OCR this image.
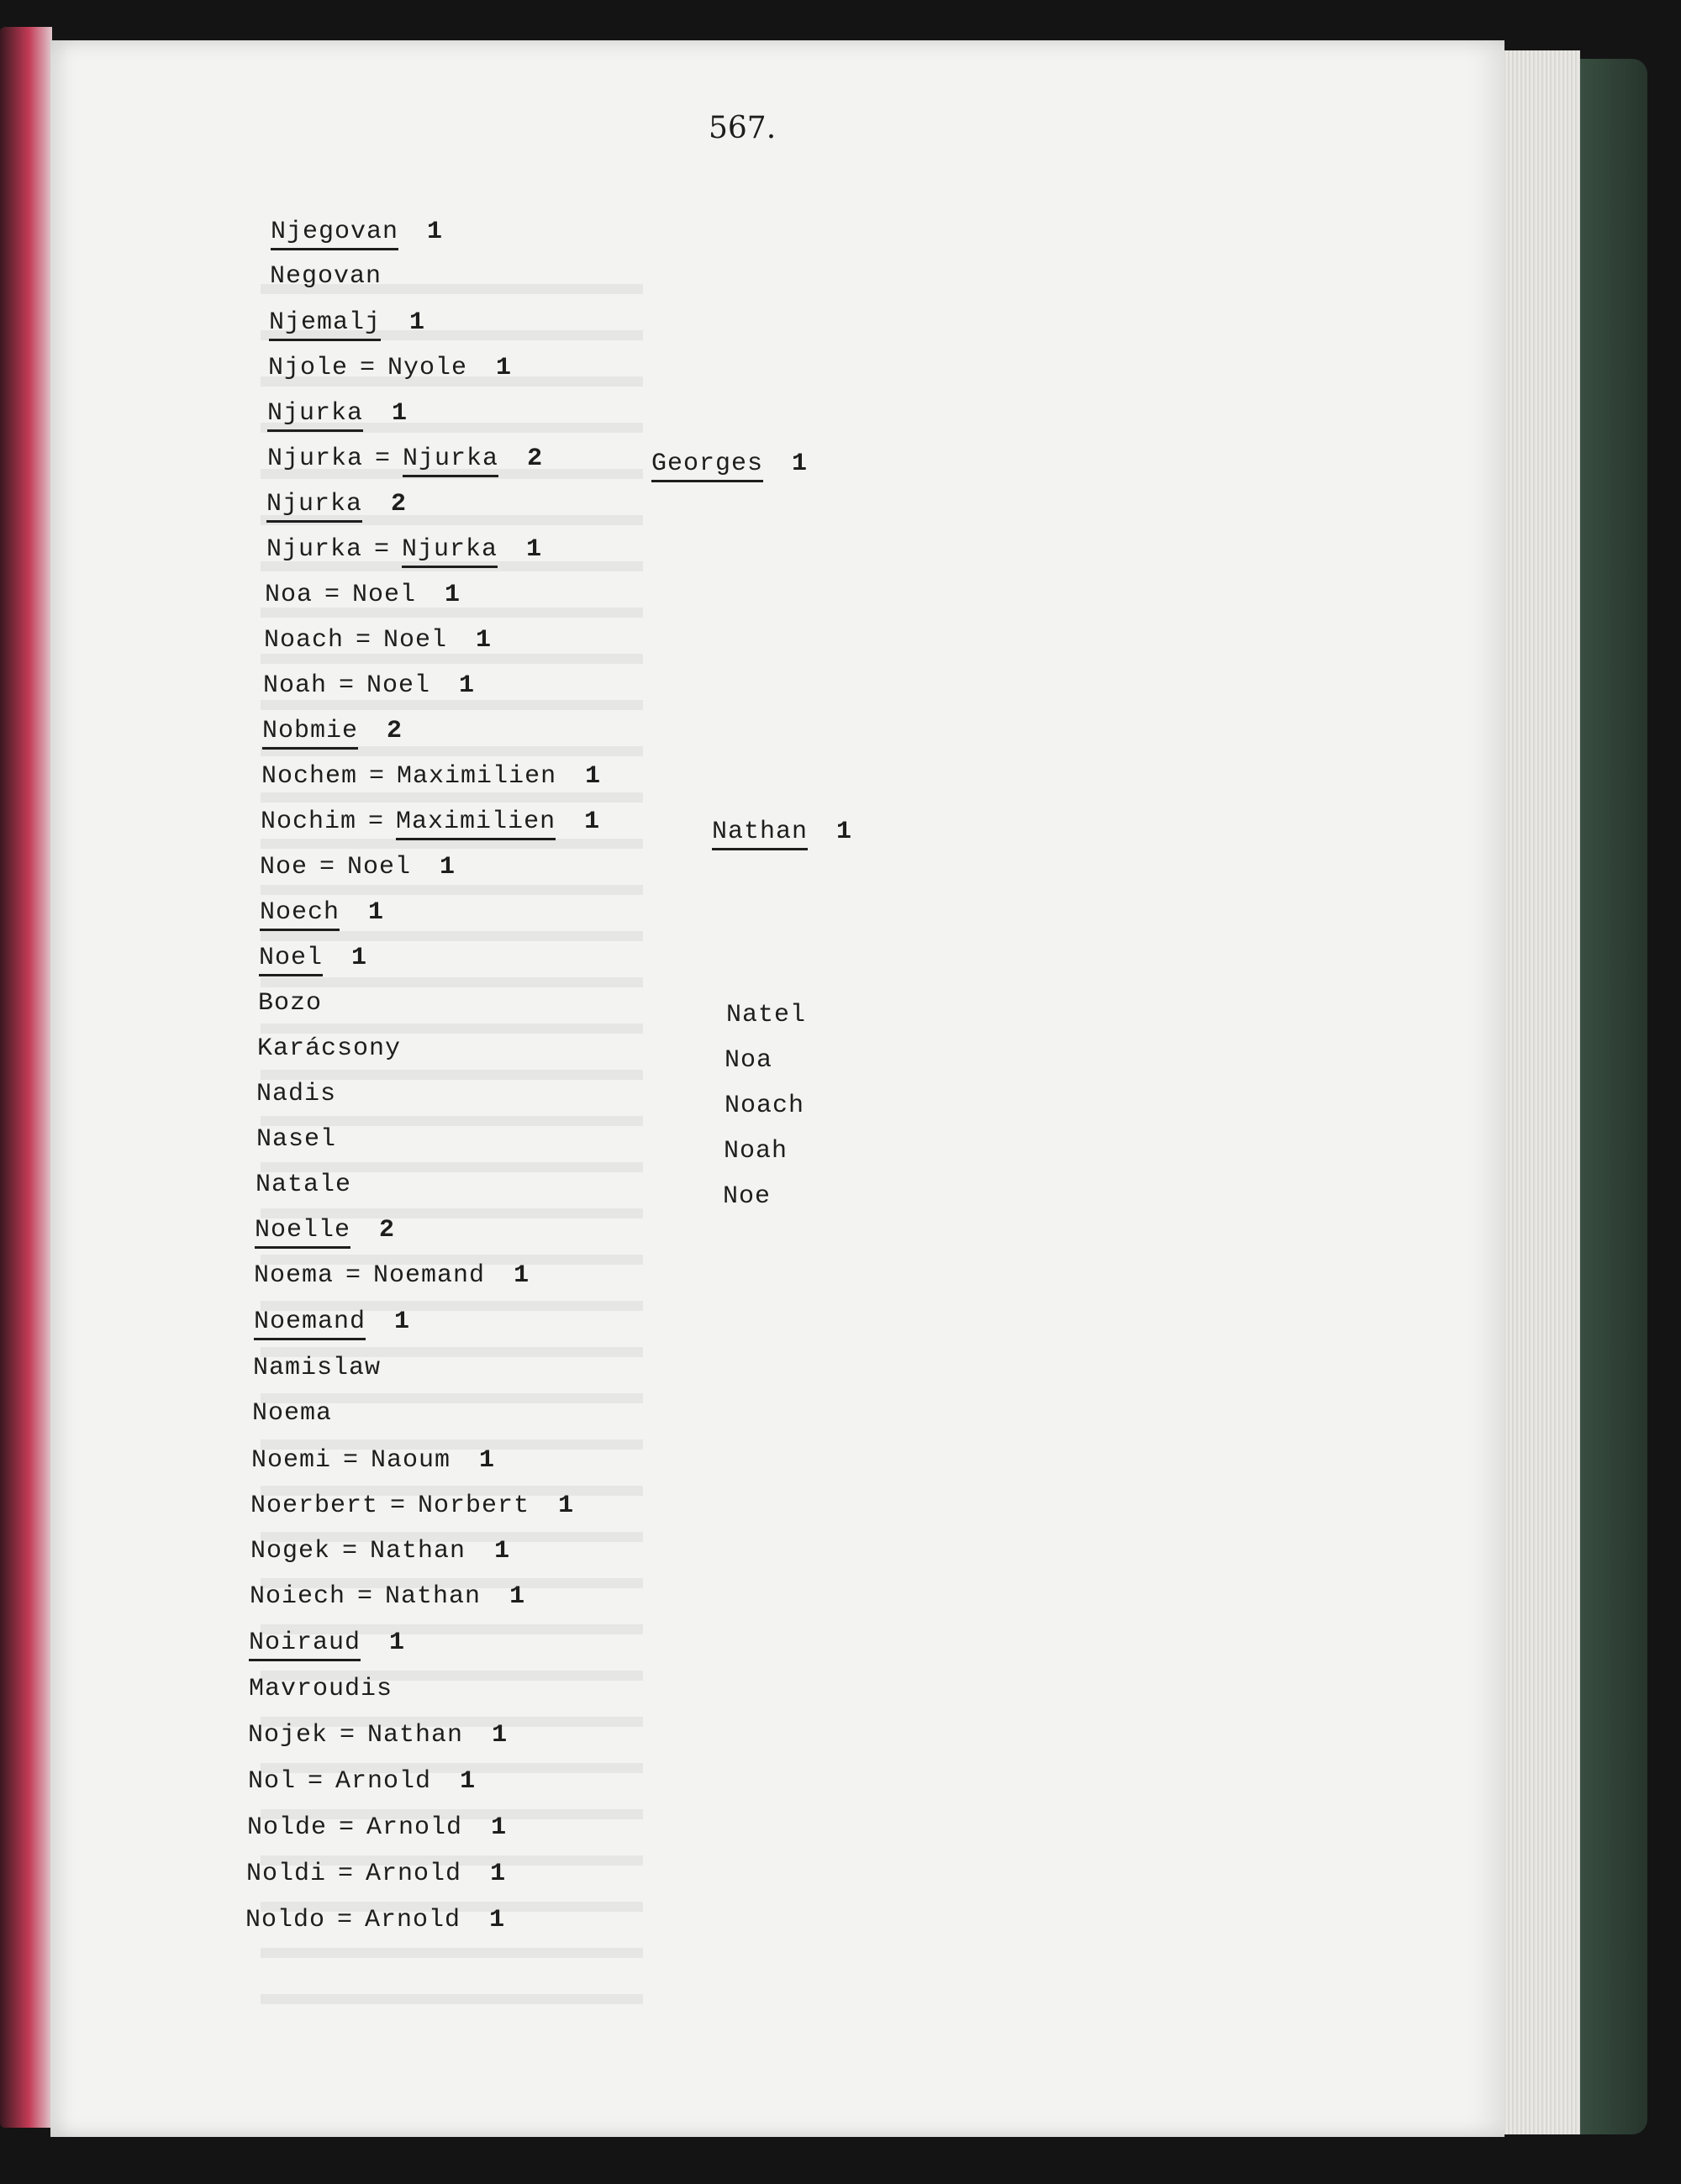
567.
Njegovan 1
Negovan
Njemalj 1
Njole = Nyole 1
Njurka 1
Njurka = Njurka 2
Njurka 2
Njurka = Njurka 1
Noa = Noel 1
Noach = Noel 1
Noah = Noel 1
Nobmie 2
Nochem = Maximilien 1
Nochim = Maximilien 1
Noe = Noel 1
Noech 1
Noel 1
Bozo
Karácsony
Nadis
Nasel
Natale
Noelle 2
Noema = Noemand 1
Noemand 1
Namislaw
Noema
Noemi = Naoum 1
Noerbert = Norbert 1
Nogek = Nathan 1
Noiech = Nathan 1
Noiraud 1
Mavroudis
Nojek = Nathan 1
Nol = Arnold 1
Nolde = Arnold 1
Noldi = Arnold 1
Noldo = Arnold 1
Georges 1
Nathan 1
Natel
Noa
Noach
Noah
Noe
